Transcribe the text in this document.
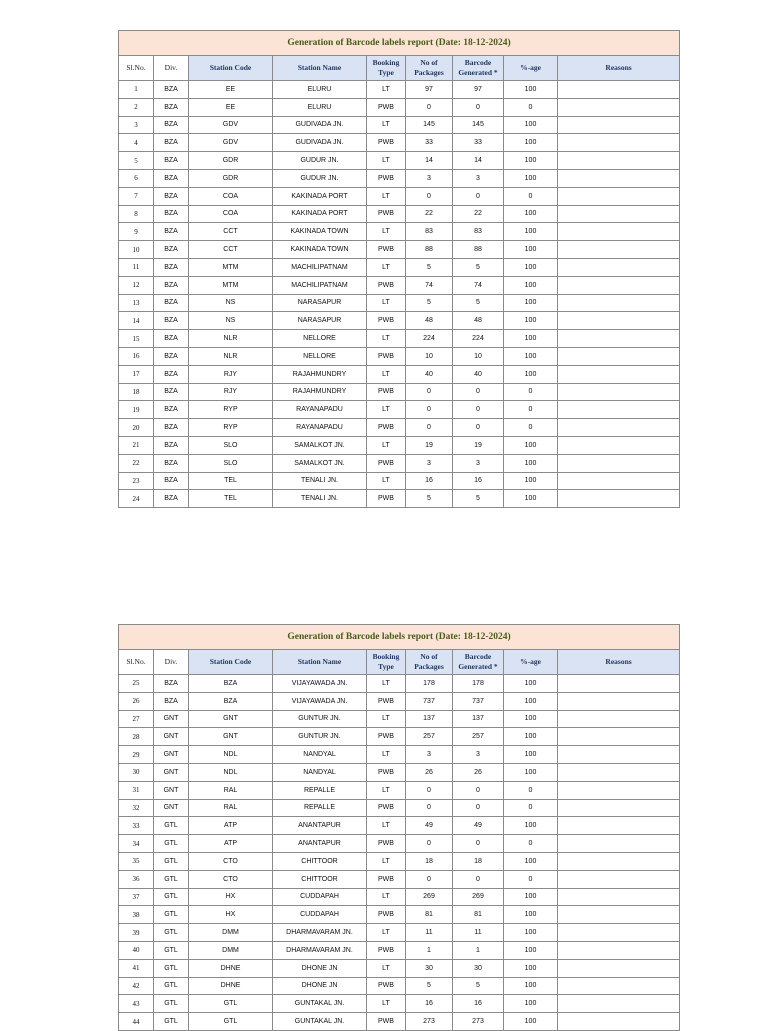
Generation of Barcode labels report (Date: 18-12-2024)								
Sl.No.	Div.	Station Code	Station Name	Booking Type	No of Packages	Barcode Generated *	%-age	Reasons
1	BZA	EE	ELURU	LT	97	97	100	
2	BZA	EE	ELURU	PWB	0	0	0	
3	BZA	GDV	GUDIVADA JN.	LT	145	145	100	
4	BZA	GDV	GUDIVADA JN.	PWB	33	33	100	
5	BZA	GDR	GUDUR JN.	LT	14	14	100	
6	BZA	GDR	GUDUR JN.	PWB	3	3	100	
7	BZA	COA	KAKINADA PORT	LT	0	0	0	
8	BZA	COA	KAKINADA PORT	PWB	22	22	100	
9	BZA	CCT	KAKINADA TOWN	LT	83	83	100	
10	BZA	CCT	KAKINADA TOWN	PWB	88	88	100	
11	BZA	MTM	MACHILIPATNAM	LT	5	5	100	
12	BZA	MTM	MACHILIPATNAM	PWB	74	74	100	
13	BZA	NS	NARASAPUR	LT	5	5	100	
14	BZA	NS	NARASAPUR	PWB	48	48	100	
15	BZA	NLR	NELLORE	LT	224	224	100	
16	BZA	NLR	NELLORE	PWB	10	10	100	
17	BZA	RJY	RAJAHMUNDRY	LT	40	40	100	
18	BZA	RJY	RAJAHMUNDRY	PWB	0	0	0	
19	BZA	RYP	RAYANAPADU	LT	0	0	0	
20	BZA	RYP	RAYANAPADU	PWB	0	0	0	
21	BZA	SLO	SAMALKOT JN.	LT	19	19	100	
22	BZA	SLO	SAMALKOT JN.	PWB	3	3	100	
23	BZA	TEL	TENALI JN.	LT	16	16	100	
24	BZA	TEL	TENALI JN.	PWB	5	5	100	
Generation of Barcode labels report (Date: 18-12-2024)								
Sl.No.	Div.	Station Code	Station Name	Booking Type	No of Packages	Barcode Generated *	%-age	Reasons
25	BZA	BZA	VIJAYAWADA JN.	LT	178	178	100	
26	BZA	BZA	VIJAYAWADA JN.	PWB	737	737	100	
27	GNT	GNT	GUNTUR JN.	LT	137	137	100	
28	GNT	GNT	GUNTUR JN.	PWB	257	257	100	
29	GNT	NDL	NANDYAL	LT	3	3	100	
30	GNT	NDL	NANDYAL	PWB	26	26	100	
31	GNT	RAL	REPALLE	LT	0	0	0	
32	GNT	RAL	REPALLE	PWB	0	0	0	
33	GTL	ATP	ANANTAPUR	LT	49	49	100	
34	GTL	ATP	ANANTAPUR	PWB	0	0	0	
35	GTL	CTO	CHITTOOR	LT	18	18	100	
36	GTL	CTO	CHITTOOR	PWB	0	0	0	
37	GTL	HX	CUDDAPAH	LT	269	269	100	
38	GTL	HX	CUDDAPAH	PWB	81	81	100	
39	GTL	DMM	DHARMAVARAM JN.	LT	11	11	100	
40	GTL	DMM	DHARMAVARAM JN.	PWB	1	1	100	
41	GTL	DHNE	DHONE JN	LT	30	30	100	
42	GTL	DHNE	DHONE JN	PWB	5	5	100	
43	GTL	GTL	GUNTAKAL JN.	LT	16	16	100	
44	GTL	GTL	GUNTAKAL JN.	PWB	273	273	100	
